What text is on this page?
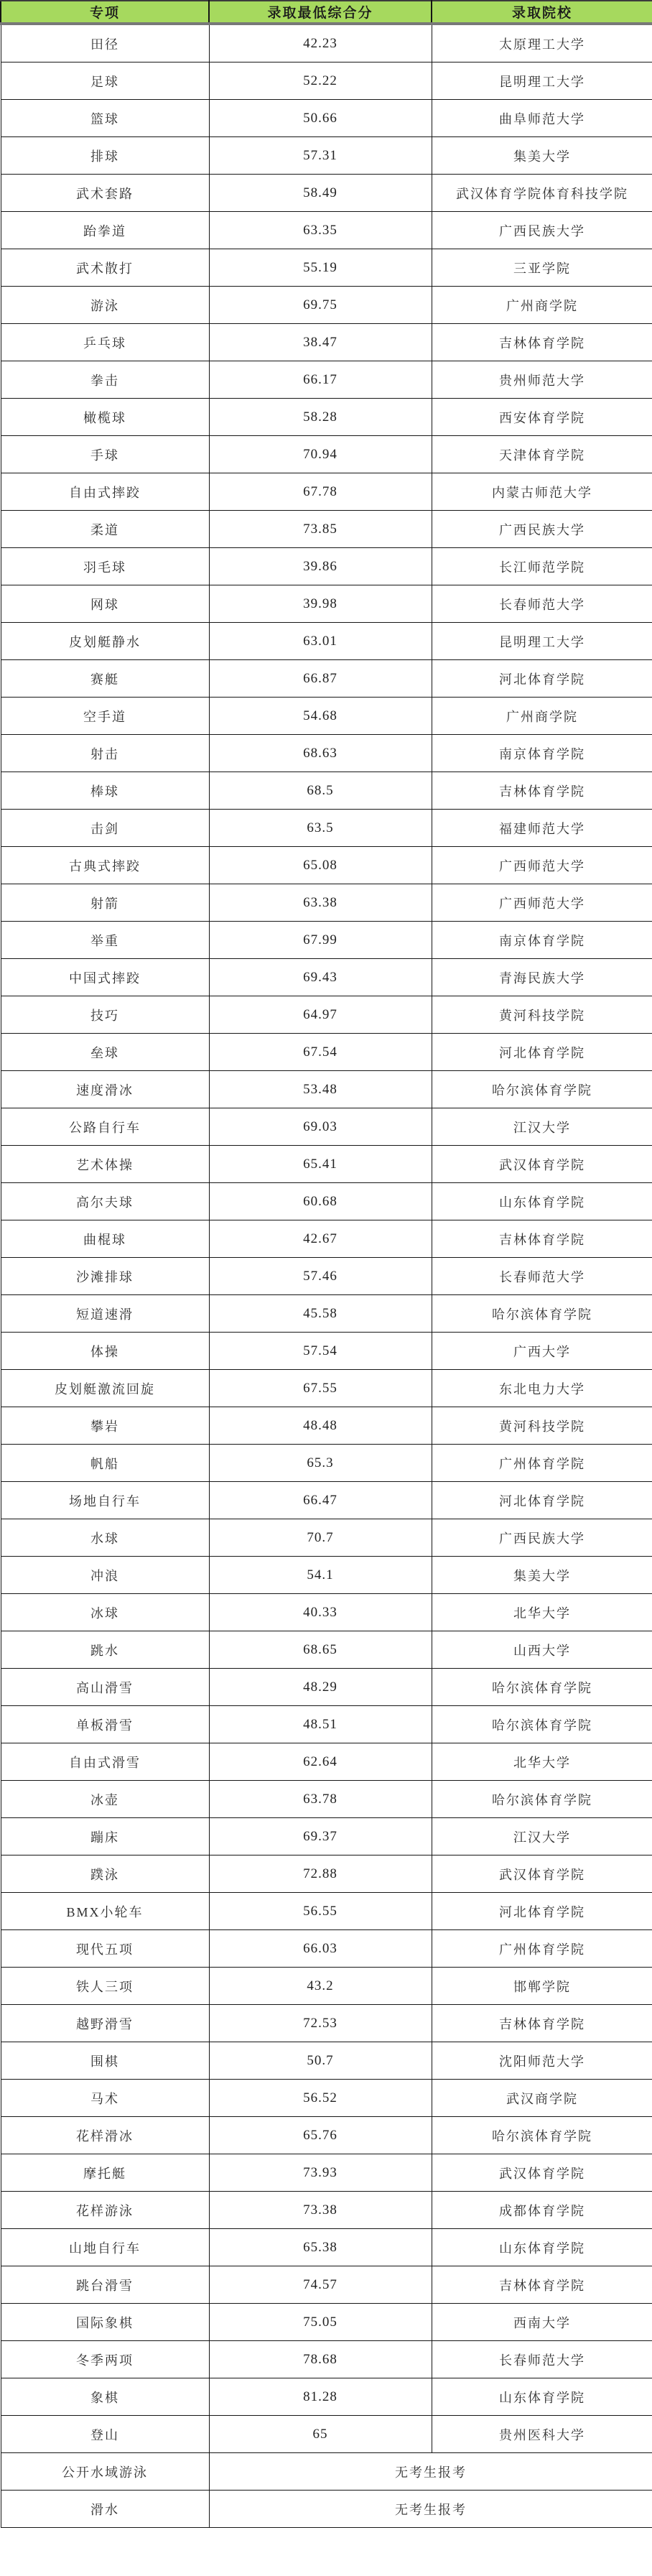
专项	录取最低综合分	录取院校
田径	42.23	太原理工大学
足球	52.22	昆明理工大学
篮球	50.66	曲阜师范大学
排球	57.31	集美大学
武术套路	58.49	武汉体育学院体育科技学院
跆拳道	63.35	广西民族大学
武术散打	55.19	三亚学院
游泳	69.75	广州商学院
乒乓球	38.47	吉林体育学院
拳击	66.17	贵州师范大学
橄榄球	58.28	西安体育学院
手球	70.94	天津体育学院
自由式摔跤	67.78	内蒙古师范大学
柔道	73.85	广西民族大学
羽毛球	39.86	长江师范学院
网球	39.98	长春师范大学
皮划艇静水	63.01	昆明理工大学
赛艇	66.87	河北体育学院
空手道	54.68	广州商学院
射击	68.63	南京体育学院
棒球	68.5	吉林体育学院
击剑	63.5	福建师范大学
古典式摔跤	65.08	广西师范大学
射箭	63.38	广西师范大学
举重	67.99	南京体育学院
中国式摔跤	69.43	青海民族大学
技巧	64.97	黄河科技学院
垒球	67.54	河北体育学院
速度滑冰	53.48	哈尔滨体育学院
公路自行车	69.03	江汉大学
艺术体操	65.41	武汉体育学院
高尔夫球	60.68	山东体育学院
曲棍球	42.67	吉林体育学院
沙滩排球	57.46	长春师范大学
短道速滑	45.58	哈尔滨体育学院
体操	57.54	广西大学
皮划艇激流回旋	67.55	东北电力大学
攀岩	48.48	黄河科技学院
帆船	65.3	广州体育学院
场地自行车	66.47	河北体育学院
水球	70.7	广西民族大学
冲浪	54.1	集美大学
冰球	40.33	北华大学
跳水	68.65	山西大学
高山滑雪	48.29	哈尔滨体育学院
单板滑雪	48.51	哈尔滨体育学院
自由式滑雪	62.64	北华大学
冰壶	63.78	哈尔滨体育学院
蹦床	69.37	江汉大学
蹼泳	72.88	武汉体育学院
BMX小轮车	56.55	河北体育学院
现代五项	66.03	广州体育学院
铁人三项	43.2	邯郸学院
越野滑雪	72.53	吉林体育学院
围棋	50.7	沈阳师范大学
马术	56.52	武汉商学院
花样滑冰	65.76	哈尔滨体育学院
摩托艇	73.93	武汉体育学院
花样游泳	73.38	成都体育学院
山地自行车	65.38	山东体育学院
跳台滑雪	74.57	吉林体育学院
国际象棋	75.05	西南大学
冬季两项	78.68	长春师范大学
象棋	81.28	山东体育学院
登山	65	贵州医科大学
公开水域游泳	无考生报考	
滑水	无考生报考	
